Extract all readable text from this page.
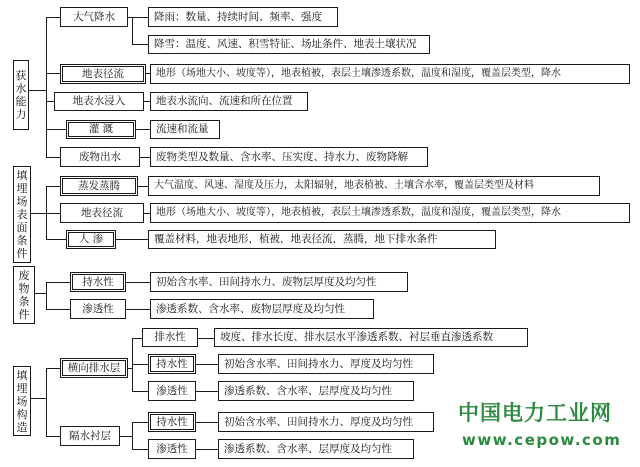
获
水
能
力
填
埋
场
表
面
条
件
废
物
条
件
填
埋
场
构
造
大气降水	降雨：数量、持续时间、频率、强度
降雪：温度、风速、积雪特征、场址条件、地表土壤状况
地表径流	地形（场地大小、坡度等），地表植被，表层土壤渗透系数，温度和湿度，覆盖层类型，降水
地表水浸入	地表水流向、流速和所在位置
灌 溉	流速和流量
废物出水	废物类型及数量、含水率、压实度、持水力、废物降解
蒸发蒸腾	大气温度、风速、湿度及压力，太阳辐射，地表植被、土壤含水率，覆盖层类型及材料
地表径流	地形（场地大小、坡度等），地表植被，表层土壤渗透系数，温度和湿度，覆盖层类型，降水
人 渗	覆盖材料，地表地形，植被，地表径流，蒸腾，地下排水条件
持水性	初始含水率、田间持水力、废物层厚度及均匀性
渗透性	渗透系数、含水率、废物层厚度及均匀性
横向排水层
隔水衬层
排水性	坡度、排水长度、排水层水平渗透系数、衬层垂直渗透系数
持水性	初始含水率、田间持水力、厚度及均匀性
渗透性	渗透系数、含水率、层厚度及均匀性
持水性	初始含水率、田间持水力、厚度及均匀性
渗透性	渗透系数、含水率、层厚度及均匀性
中国电力工业网
www.cepow.com
